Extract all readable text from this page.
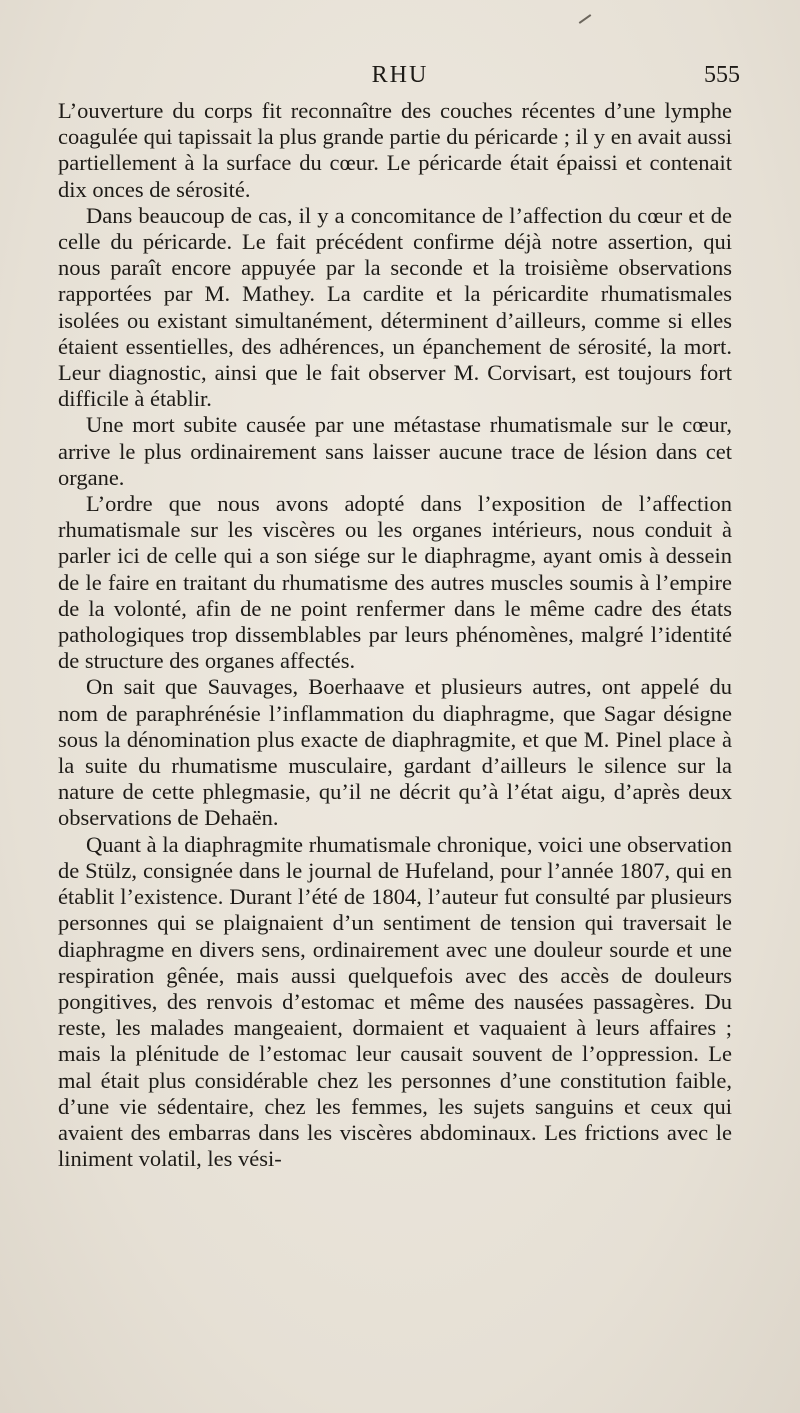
RHU	555

L’ouverture du corps fit reconnaître des couches récentes d’une lymphe coagulée qui tapissait la plus grande partie du péricarde ; il y en avait aussi partiellement à la surface du cœur. Le péricarde était épaissi et contenait dix onces de sérosité.

Dans beaucoup de cas, il y a concomitance de l’affection du cœur et de celle du péricarde. Le fait précédent confirme déjà notre assertion, qui nous paraît encore appuyée par la seconde et la troisième observations rapportées par M. Mathey. La cardite et la péricardite rhumatismales isolées ou existant simultanément, déterminent d’ailleurs, comme si elles étaient essentielles, des adhérences, un épanchement de sérosité, la mort. Leur diagnostic, ainsi que le fait observer M. Corvisart, est toujours fort difficile à établir.

Une mort subite causée par une métastase rhumatismale sur le cœur, arrive le plus ordinairement sans laisser aucune trace de lésion dans cet organe.

L’ordre que nous avons adopté dans l’exposition de l’affection rhumatismale sur les viscères ou les organes intérieurs, nous conduit à parler ici de celle qui a son siége sur le diaphragme, ayant omis à dessein de le faire en traitant du rhumatisme des autres muscles soumis à l’empire de la volonté, afin de ne point renfermer dans le même cadre des états pathologiques trop dissemblables par leurs phénomènes, malgré l’identité de structure des organes affectés.

On sait que Sauvages, Boerhaave et plusieurs autres, ont appelé du nom de paraphrénésie l’inflammation du diaphragme, que Sagar désigne sous la dénomination plus exacte de diaphragmite, et que M. Pinel place à la suite du rhumatisme musculaire, gardant d’ailleurs le silence sur la nature de cette phlegmasie, qu’il ne décrit qu’à l’état aigu, d’après deux observations de Dehaën.

Quant à la diaphragmite rhumatismale chronique, voici une observation de Stülz, consignée dans le journal de Hufeland, pour l’année 1807, qui en établit l’existence. Durant l’été de 1804, l’auteur fut consulté par plusieurs personnes qui se plaignaient d’un sentiment de tension qui traversait le diaphragme en divers sens, ordinairement avec une douleur sourde et une respiration gênée, mais aussi quelquefois avec des accès de douleurs pongitives, des renvois d’estomac et même des nausées passagères. Du reste, les malades mangeaient, dormaient et vaquaient à leurs affaires ; mais la plénitude de l’estomac leur causait souvent de l’oppression. Le mal était plus considérable chez les personnes d’une constitution faible, d’une vie sédentaire, chez les femmes, les sujets sanguins et ceux qui avaient des embarras dans les viscères abdominaux. Les frictions avec le liniment volatil, les vési-
